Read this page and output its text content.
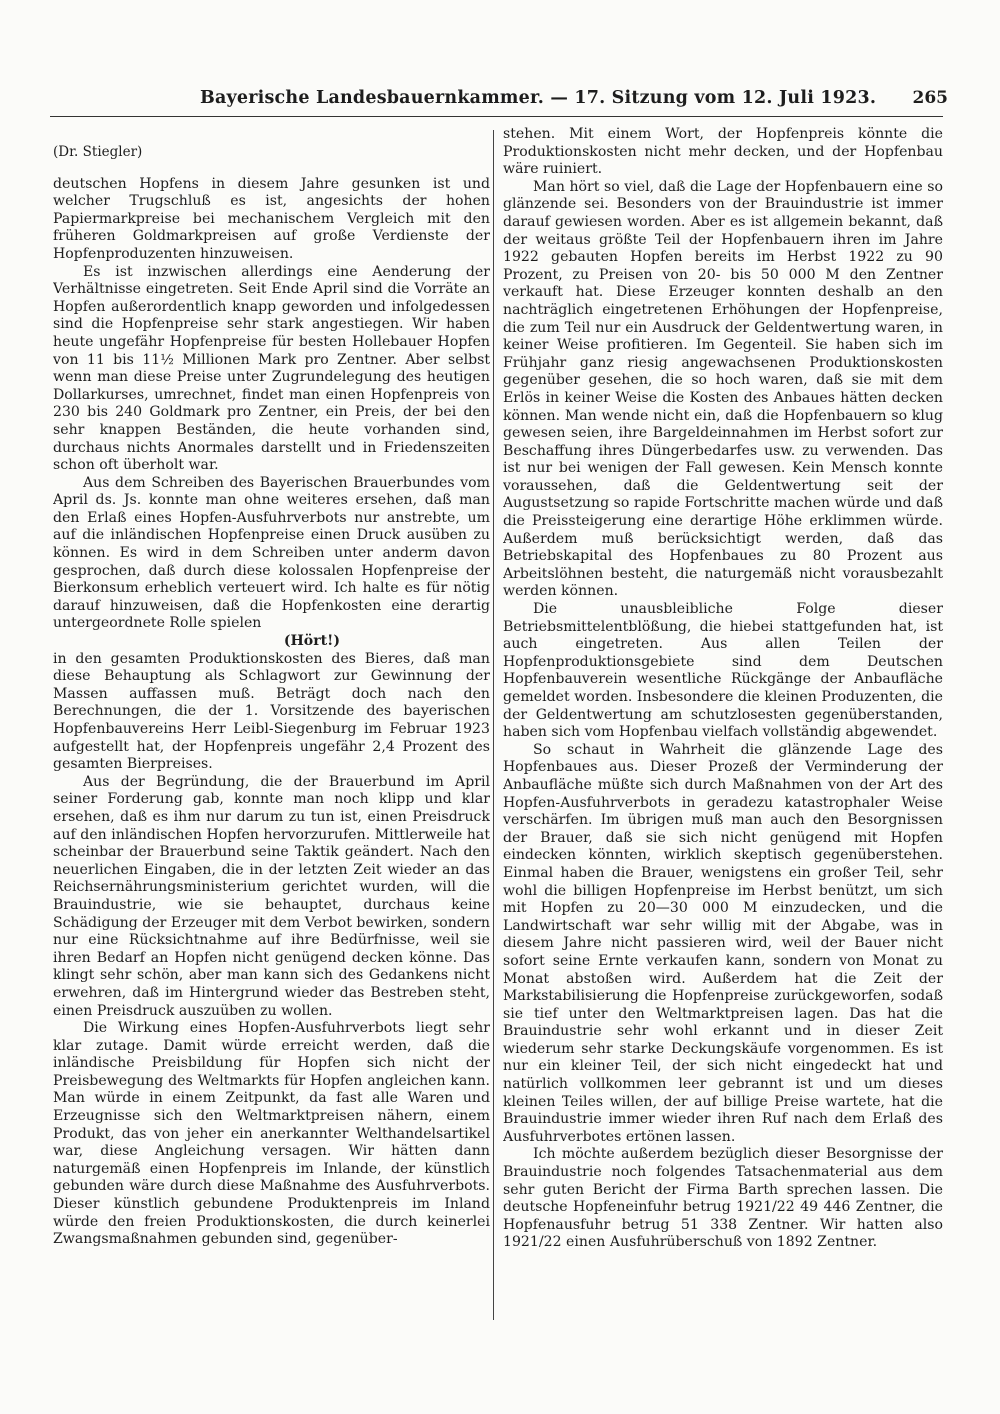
Bayerische Landesbauernkammer. — 17. Sitzung vom 12. Juli 1923. 265

(Dr. Stiegler)

deutschen Hopfens in diesem Jahre gesunken ist und welcher Trugschluß es ist, angesichts der hohen Papiermarkpreise bei mechanischem Vergleich mit den früheren Goldmarkpreisen auf große Verdienste der Hopfenproduzenten hinzuweisen.

Es ist inzwischen allerdings eine Aenderung der Verhältnisse eingetreten. Seit Ende April sind die Vorräte an Hopfen außerordentlich knapp geworden und infolgedessen sind die Hopfenpreise sehr stark angestiegen. Wir haben heute ungefähr Hopfenpreise für besten Hollebauer Hopfen von 11 bis 11½ Millionen Mark pro Zentner. Aber selbst wenn man diese Preise unter Zugrundelegung des heutigen Dollarkurses, umrechnet, findet man einen Hopfenpreis von 230 bis 240 Goldmark pro Zentner, ein Preis, der bei den sehr knappen Beständen, die heute vorhanden sind, durchaus nichts Anormales darstellt und in Friedenszeiten schon oft überholt war.

Aus dem Schreiben des Bayerischen Brauerbundes vom April ds. Js. konnte man ohne weiteres ersehen, daß man den Erlaß eines Hopfen-Ausfuhrverbots nur anstrebte, um auf die inländischen Hopfenpreise einen Druck ausüben zu können. Es wird in dem Schreiben unter anderm davon gesprochen, daß durch diese kolossalen Hopfenpreise der Bierkonsum erheblich verteuert wird. Ich halte es für nötig darauf hinzuweisen, daß die Hopfenkosten eine derartig untergeordnete Rolle spielen

(Hört!)

in den gesamten Produktionskosten des Bieres, daß man diese Behauptung als Schlagwort zur Gewinnung der Massen auffassen muß. Beträgt doch nach den Berechnungen, die der 1. Vorsitzende des bayerischen Hopfenbauvereins Herr Leibl-Siegenburg im Februar 1923 aufgestellt hat, der Hopfenpreis ungefähr 2,4 Prozent des gesamten Bierpreises.

Aus der Begründung, die der Brauerbund im April seiner Forderung gab, konnte man noch klipp und klar ersehen, daß es ihm nur darum zu tun ist, einen Preisdruck auf den inländischen Hopfen hervorzurufen. Mittlerweile hat scheinbar der Brauerbund seine Taktik geändert. Nach den neuerlichen Eingaben, die in der letzten Zeit wieder an das Reichsernährungsministerium gerichtet wurden, will die Brauindustrie, wie sie behauptet, durchaus keine Schädigung der Erzeuger mit dem Verbot bewirken, sondern nur eine Rücksichtnahme auf ihre Bedürfnisse, weil sie ihren Bedarf an Hopfen nicht genügend decken könne. Das klingt sehr schön, aber man kann sich des Gedankens nicht erwehren, daß im Hintergrund wieder das Bestreben steht, einen Preisdruck auszuüben zu wollen.

Die Wirkung eines Hopfen-Ausfuhrverbots liegt sehr klar zutage. Damit würde erreicht werden, daß die inländische Preisbildung für Hopfen sich nicht der Preisbewegung des Weltmarkts für Hopfen angleichen kann. Man würde in einem Zeitpunkt, da fast alle Waren und Erzeugnisse sich den Weltmarktpreisen nähern, einem Produkt, das von jeher ein anerkannter Welthandelsartikel war, diese Angleichung versagen. Wir hätten dann naturgemäß einen Hopfenpreis im Inlande, der künstlich gebunden wäre durch diese Maßnahme des Ausfuhrverbots. Dieser künstlich gebundene Produktenpreis im Inland würde den freien Produktionskosten, die durch keinerlei Zwangsmaßnahmen gebunden sind, gegenüber-

stehen. Mit einem Wort, der Hopfenpreis könnte die Produktionskosten nicht mehr decken, und der Hopfenbau wäre ruiniert.

Man hört so viel, daß die Lage der Hopfenbauern eine so glänzende sei. Besonders von der Brauindustrie ist immer darauf gewiesen worden. Aber es ist allgemein bekannt, daß der weitaus größte Teil der Hopfenbauern ihren im Jahre 1922 gebauten Hopfen bereits im Herbst 1922 zu 90 Prozent, zu Preisen von 20- bis 50 000 M den Zentner verkauft hat. Diese Erzeuger konnten deshalb an den nachträglich eingetretenen Erhöhungen der Hopfenpreise, die zum Teil nur ein Ausdruck der Geldentwertung waren, in keiner Weise profitieren. Im Gegenteil. Sie haben sich im Frühjahr ganz riesig angewachsenen Produktionskosten gegenüber gesehen, die so hoch waren, daß sie mit dem Erlös in keiner Weise die Kosten des Anbaues hätten decken können. Man wende nicht ein, daß die Hopfenbauern so klug gewesen seien, ihre Bargeldeinnahmen im Herbst sofort zur Beschaffung ihres Düngerbedarfes usw. zu verwenden. Das ist nur bei wenigen der Fall gewesen. Kein Mensch konnte voraussehen, daß die Geldentwertung seit der Augustsetzung so rapide Fortschritte machen würde und daß die Preissteigerung eine derartige Höhe erklimmen würde. Außerdem muß berücksichtigt werden, daß das Betriebskapital des Hopfenbaues zu 80 Prozent aus Arbeitslöhnen besteht, die naturgemäß nicht vorausbezahlt werden können.

Die unausbleibliche Folge dieser Betriebsmittelentblößung, die hiebei stattgefunden hat, ist auch eingetreten. Aus allen Teilen der Hopfenproduktionsgebiete sind dem Deutschen Hopfenbauverein wesentliche Rückgänge der Anbaufläche gemeldet worden. Insbesondere die kleinen Produzenten, die der Geldentwertung am schutzlosesten gegenüberstanden, haben sich vom Hopfenbau vielfach vollständig abgewendet.

So schaut in Wahrheit die glänzende Lage des Hopfenbaues aus. Dieser Prozeß der Verminderung der Anbaufläche müßte sich durch Maßnahmen von der Art des Hopfen-Ausfuhrverbots in geradezu katastrophaler Weise verschärfen. Im übrigen muß man auch den Besorgnissen der Brauer, daß sie sich nicht genügend mit Hopfen eindecken könnten, wirklich skeptisch gegenüberstehen. Einmal haben die Brauer, wenigstens ein großer Teil, sehr wohl die billigen Hopfenpreise im Herbst benützt, um sich mit Hopfen zu 20—30 000 M einzudecken, und die Landwirtschaft war sehr willig mit der Abgabe, was in diesem Jahre nicht passieren wird, weil der Bauer nicht sofort seine Ernte verkaufen kann, sondern von Monat zu Monat abstoßen wird. Außerdem hat die Zeit der Markstabilisierung die Hopfenpreise zurückgeworfen, sodaß sie tief unter den Weltmarktpreisen lagen. Das hat die Brauindustrie sehr wohl erkannt und in dieser Zeit wiederum sehr starke Deckungskäufe vorgenommen. Es ist nur ein kleiner Teil, der sich nicht eingedeckt hat und natürlich vollkommen leer gebrannt ist und um dieses kleinen Teiles willen, der auf billige Preise wartete, hat die Brauindustrie immer wieder ihren Ruf nach dem Erlaß des Ausfuhrverbotes ertönen lassen.

Ich möchte außerdem bezüglich dieser Besorgnisse der Brauindustrie noch folgendes Tatsachenmaterial aus dem sehr guten Bericht der Firma Barth sprechen lassen. Die deutsche Hopfeneinfuhr betrug 1921/22 49 446 Zentner, die Hopfenausfuhr betrug 51 338 Zentner. Wir hatten also 1921/22 einen Ausfuhrüberschuß von 1892 Zentner.
